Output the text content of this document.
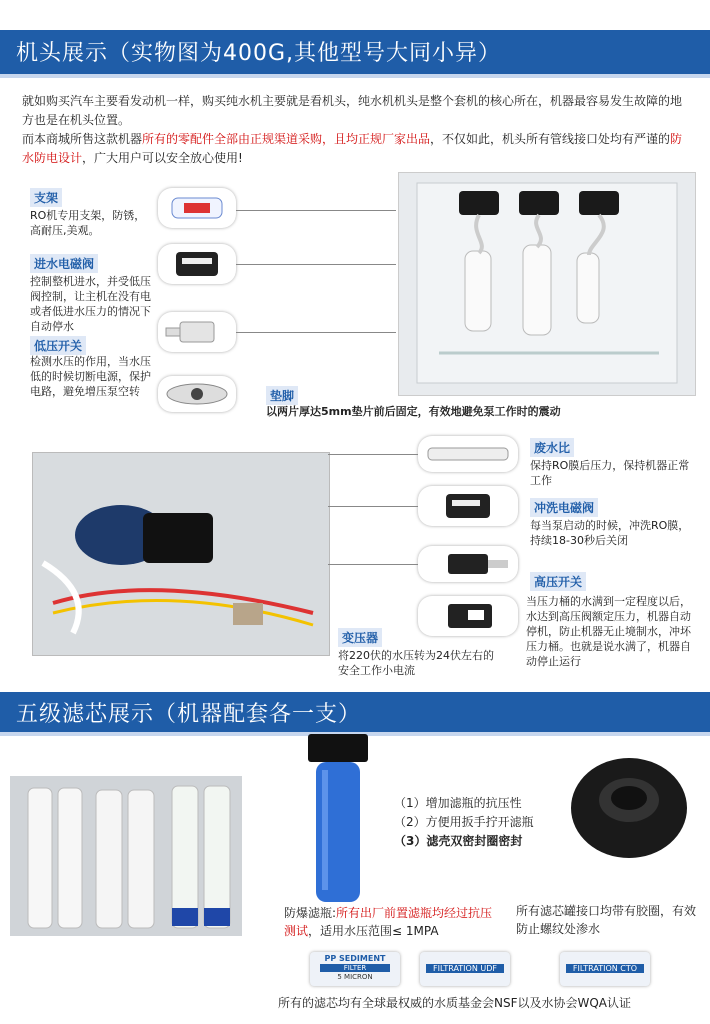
机头展示（实物图为400G,其他型号大同小异）
就如购买汽车主要看发动机一样，购买纯水机主要就是看机头，纯水机机头是整个套机的核心所在，机器最容易发生故障的地方也是在机头位置。
而本商城所售这款机器所有的零配件全部由正规渠道采购，且均正规厂家出品，不仅如此，机头所有管线接口处均有严谨的防水防电设计，广大用户可以安全放心使用!
支架
RO机专用支架，防锈，高耐压,美观。
进水电磁阀
控制整机进水，并受低压阀控制，让主机在没有电或者低进水压力的情况下自动停水
低压开关
检测水压的作用，当水压低的时候切断电源，保护电路，避免增压泵空转	垫脚
以两片厚达5mm垫片前后固定，有效地避免泵工作时的震动
废水比
保持RO膜后压力，保持机器正常工作
冲洗电磁阀
每当泵启动的时候，冲洗RO膜，持续18-30秒后关闭
高压开关
当压力桶的水满到一定程度以后，水达到高压阀额定压力，机器自动停机，防止机器无止境制水，冲坏压力桶。也就是说水满了，机器自动停止运行
变压器
将220伏的水压转为24伏左右的安全工作小电流
五级滤芯展示（机器配套各一支）
（1）增加滤瓶的抗压性
（2）方便用扳手拧开滤瓶
（3）滤壳双密封圈密封
防爆滤瓶:所有出厂前置滤瓶均经过抗压测试，适用水压范围≤ 1MPA
所有滤芯罐接口均带有胶圈，有效防止螺纹处渗水
PP SEDIMENT
FILTER
5 MICRON
FILTRATION UDF	FILTRATION CTO
所有的滤芯均有全球最权威的水质基金会NSF以及水协会WQA认证
